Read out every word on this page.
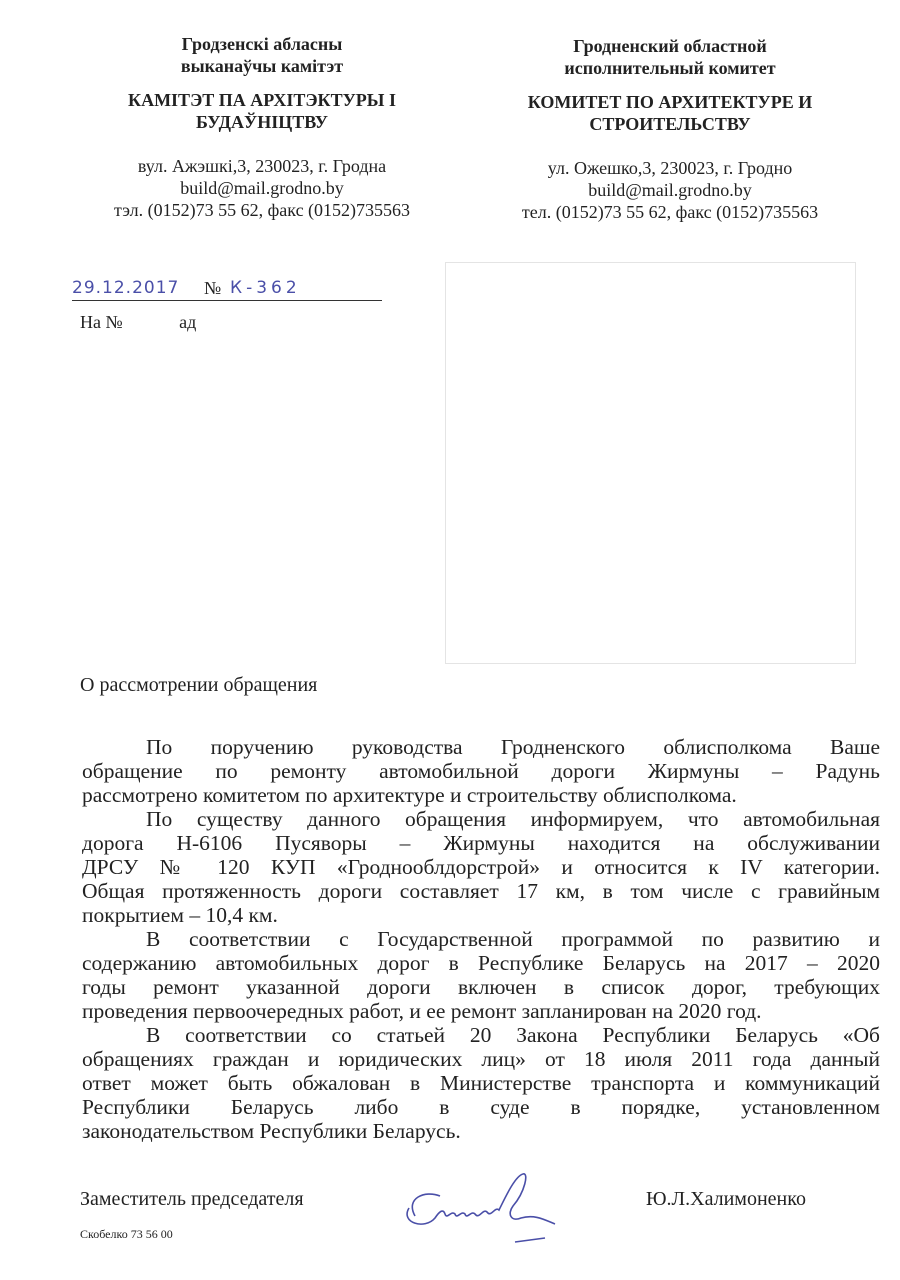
Гродзенскі абласны
выканаўчы камітэт
КАМІТЭТ ПА АРХІТЭКТУРЫ І
БУДАЎНІЦТВУ
вул. Ажэшкі,3, 230023, г. Гродна
build@mail.grodno.by
тэл. (0152)73 55 62, факс (0152)735563
Гродненский областной
исполнительный комитет
КОМИТЕТ ПО АРХИТЕКТУРЕ И
СТРОИТЕЛЬСТВУ
ул. Ожешко,3, 230023, г. Гродно
build@mail.grodno.by
тел. (0152)73 55 62, факс (0152)735563
29.12.2017 № К-362
На №	ад
О рассмотрении обращения
По поручению руководства Гродненского облисполкома Ваше
обращение по ремонту автомобильной дороги Жирмуны – Радунь
рассмотрено комитетом по архитектуре и строительству облисполкома.
По существу данного обращения информируем, что автомобильная
дорога Н-6106 Пусяворы – Жирмуны находится на обслуживании
ДРСУ № 120 КУП «Гроднооблдорстрой» и относится к IV категории.
Общая протяженность дороги составляет 17 км, в том числе с гравийным
покрытием – 10,4 км.
В соответствии с Государственной программой по развитию и
содержанию автомобильных дорог в Республике Беларусь на 2017 – 2020
годы ремонт указанной дороги включен в список дорог, требующих
проведения первоочередных работ, и ее ремонт запланирован на 2020 год.
В соответствии со статьей 20 Закона Республики Беларусь «Об
обращениях граждан и юридических лиц» от 18 июля 2011 года данный
ответ может быть обжалован в Министерстве транспорта и коммуникаций
Республики Беларусь либо в суде в порядке, установленном
законодательством Республики Беларусь.
Заместитель председателя	Ю.Л.Халимоненко
Скобелко 73 56 00
